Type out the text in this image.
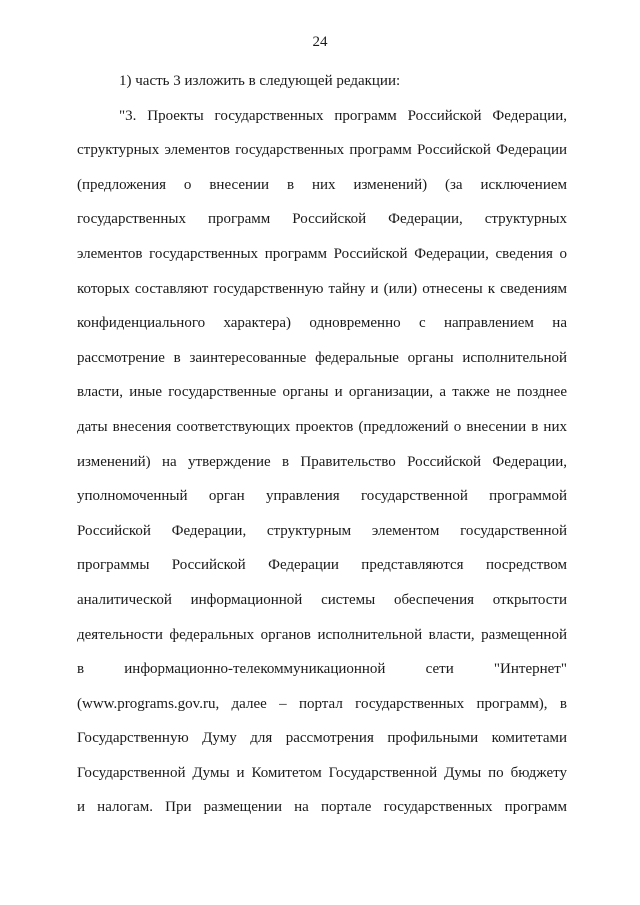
24
1) часть 3 изложить в следующей редакции:
"3. Проекты государственных программ Российской Федерации,
структурных элементов государственных программ Российской Федерации
(предложения о внесении в них изменений) (за исключением
государственных программ Российской Федерации, структурных
элементов государственных программ Российской Федерации, сведения о
которых составляют государственную тайну и (или) отнесены к сведениям
конфиденциального характера) одновременно с направлением на
рассмотрение в заинтересованные федеральные органы исполнительной
власти, иные государственные органы и организации, а также не позднее
даты внесения соответствующих проектов (предложений о внесении в них
изменений) на утверждение в Правительство Российской Федерации,
уполномоченный орган управления государственной программой
Российской Федерации, структурным элементом государственной
программы Российской Федерации представляются посредством
аналитической информационной системы обеспечения открытости
деятельности федеральных органов исполнительной власти, размещенной
в информационно-телекоммуникационной сети "Интернет"
(www.programs.gov.ru, далее – портал государственных программ), в
Государственную Думу для рассмотрения профильными комитетами
Государственной Думы и Комитетом Государственной Думы по бюджету
и налогам. При размещении на портале государственных программ
